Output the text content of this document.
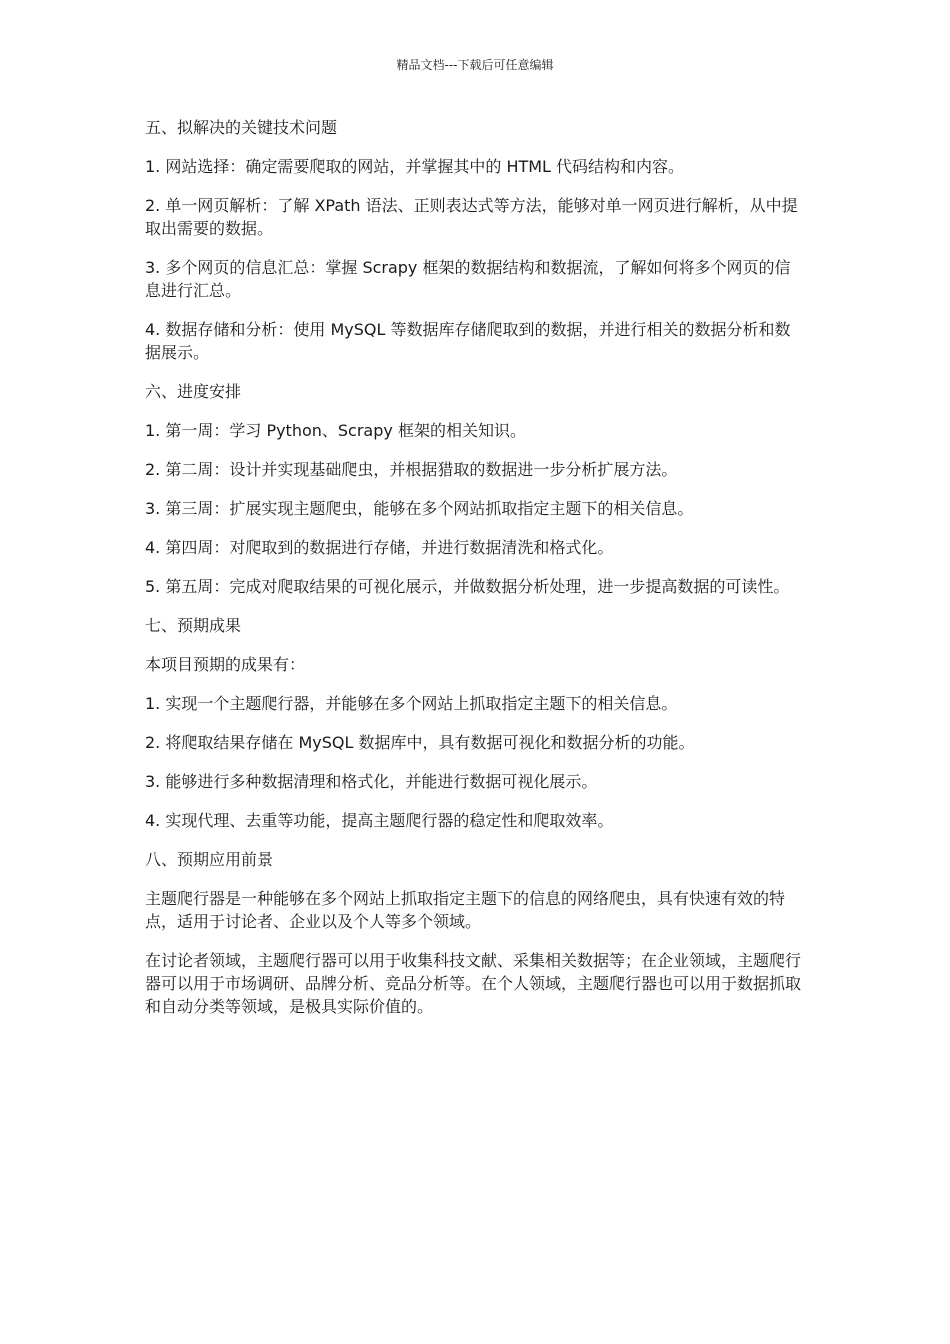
精品文档---下载后可任意编辑

五、拟解决的关键技术问题

1. 网站选择：确定需要爬取的网站，并掌握其中的 HTML 代码结构和内容。

2. 单一网页解析：了解 XPath 语法、正则表达式等方法，能够对单一网页进行解析，从中提取出需要的数据。

3. 多个网页的信息汇总：掌握 Scrapy 框架的数据结构和数据流，了解如何将多个网页的信息进行汇总。

4. 数据存储和分析：使用 MySQL 等数据库存储爬取到的数据，并进行相关的数据分析和数据展示。

六、进度安排

1. 第一周：学习 Python、Scrapy 框架的相关知识。

2. 第二周：设计并实现基础爬虫，并根据猎取的数据进一步分析扩展方法。

3. 第三周：扩展实现主题爬虫，能够在多个网站抓取指定主题下的相关信息。

4. 第四周：对爬取到的数据进行存储，并进行数据清洗和格式化。

5. 第五周：完成对爬取结果的可视化展示，并做数据分析处理，进一步提高数据的可读性。

七、预期成果

本项目预期的成果有：

1. 实现一个主题爬行器，并能够在多个网站上抓取指定主题下的相关信息。

2. 将爬取结果存储在 MySQL 数据库中，具有数据可视化和数据分析的功能。

3. 能够进行多种数据清理和格式化，并能进行数据可视化展示。

4. 实现代理、去重等功能，提高主题爬行器的稳定性和爬取效率。

八、预期应用前景

主题爬行器是一种能够在多个网站上抓取指定主题下的信息的网络爬虫，具有快速有效的特点，适用于讨论者、企业以及个人等多个领域。

在讨论者领域，主题爬行器可以用于收集科技文献、采集相关数据等；在企业领域，主题爬行器可以用于市场调研、品牌分析、竞品分析等。在个人领域，主题爬行器也可以用于数据抓取和自动分类等领域，是极具实际价值的。
